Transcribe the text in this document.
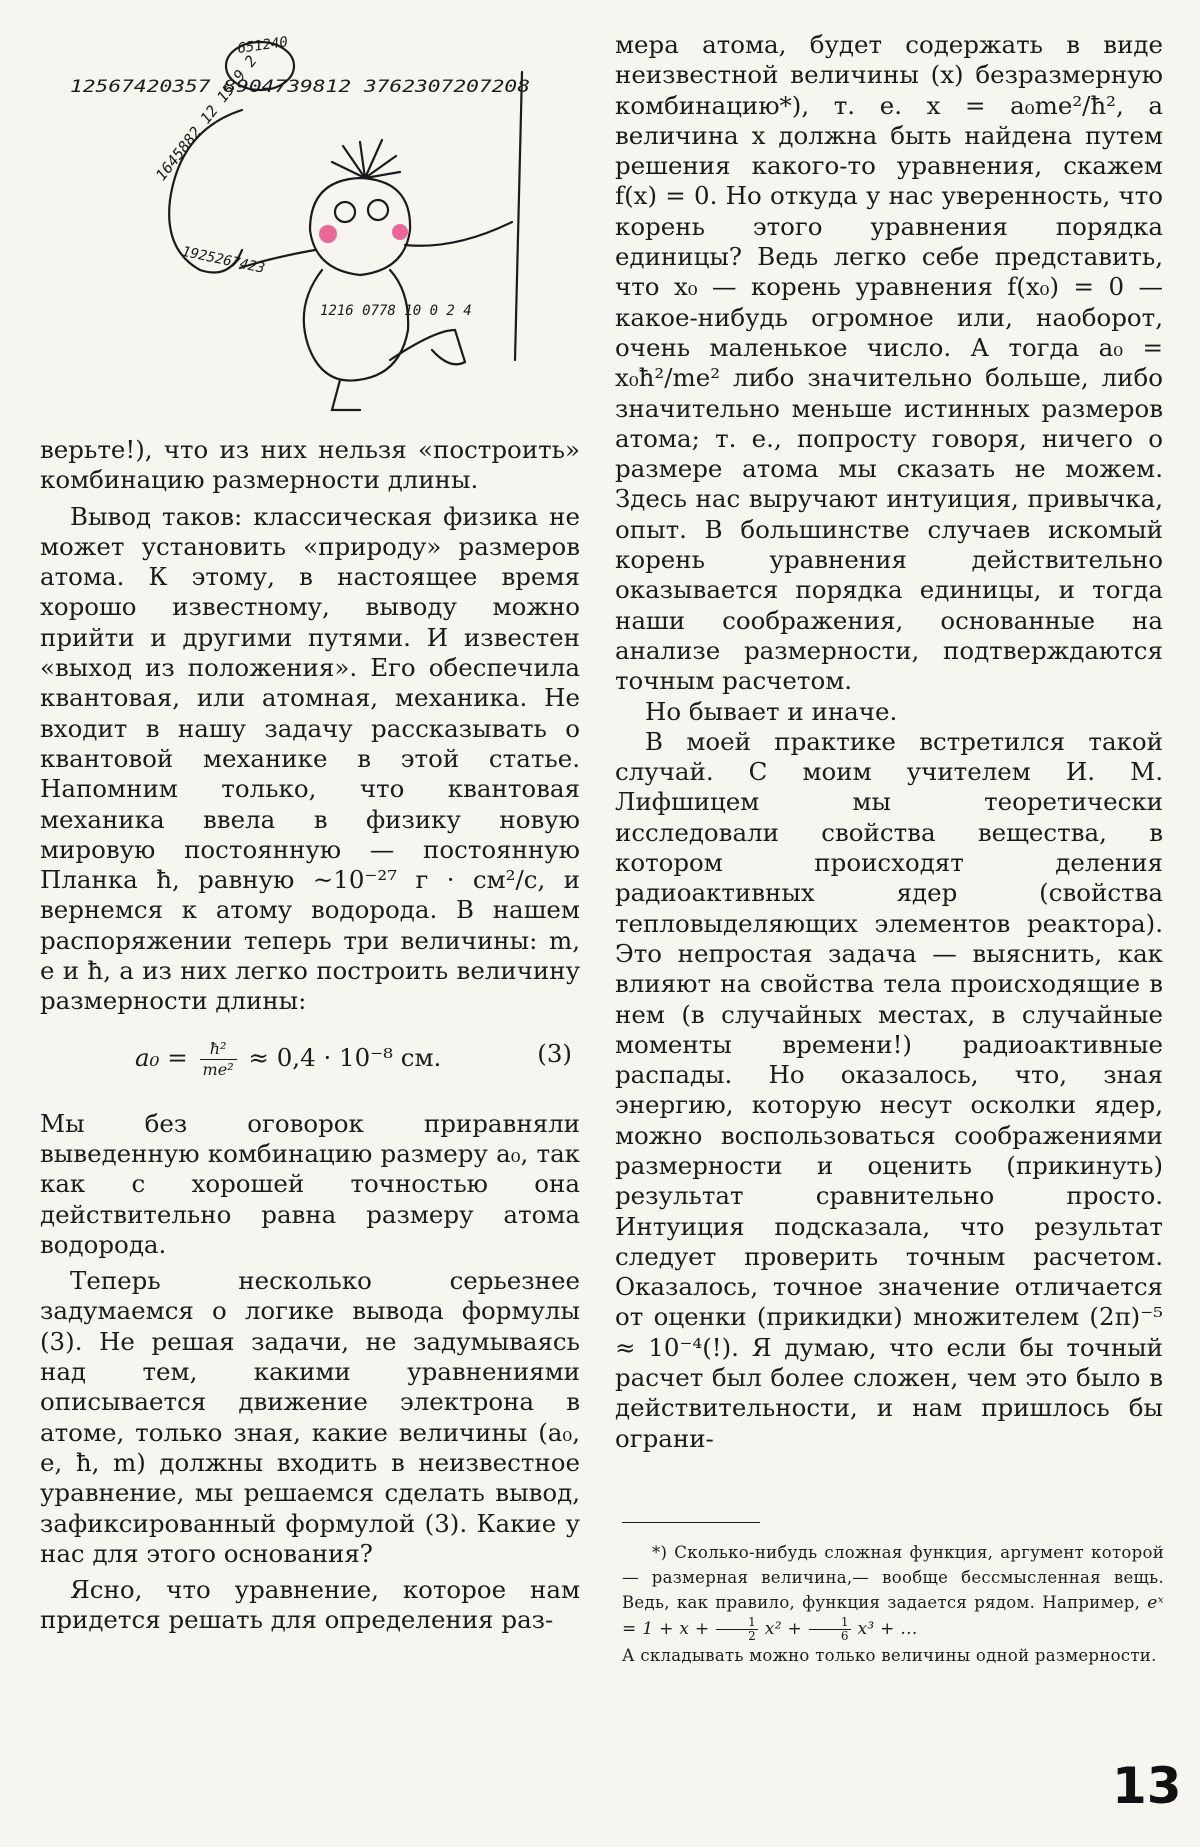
12567420357 8904739812 3762307207208
651240
1645882 12 15 9 2
1925267423
1216 0778 10 0 2 4

верьте!), что из них нельзя «построить» комбинацию размерности длины.

Вывод таков: классическая физика не может установить «природу» размеров атома. К этому, в настоящее время хорошо известному, выводу можно прийти и другими путями. И известен «выход из положения». Его обеспечила квантовая, или атомная, механика. Не входит в нашу задачу рассказывать о квантовой механике в этой статье. Напомним только, что квантовая механика ввела в физику новую мировую постоянную — постоянную Планка ħ, равную ~10⁻²⁷ г · см²/с, и вернемся к атому водорода. В нашем распоряжении теперь три величины: m, e и ħ, а из них легко построить величину размерности длины:

$a_0 = \frac{\text{ħ²}}{\text{me²}} \approx 0,4 \cdot 10^{-8}$ см.	(3)

Мы без оговорок приравняли выведенную комбинацию размеру a₀, так как с хорошей точностью она действительно равна размеру атома водорода.

Теперь несколько серьезнее задумаемся о логике вывода формулы (3). Не решая задачи, не задумываясь над тем, какими уравнениями описывается движение электрона в атоме, только зная, какие величины (a₀, e, ħ, m) должны входить в неизвестное уравнение, мы решаемся сделать вывод, зафиксированный формулой (3). Какие у нас для этого основания?

Ясно, что уравнение, которое нам придется решать для определения раз-

мера атома, будет содержать в виде неизвестной величины (x) безразмерную комбинацию*), т. е. x = a₀me²/ħ², а величина x должна быть найдена путем решения какого-то уравнения, скажем f(x) = 0. Но откуда у нас уверенность, что корень этого уравнения порядка единицы? Ведь легко себе представить, что x₀ — корень уравнения f(x₀) = 0 — какое-нибудь огромное или, наоборот, очень маленькое число. А тогда a₀ = x₀ħ²/me² либо значительно больше, либо значительно меньше истинных размеров атома; т. е., попросту говоря, ничего о размере атома мы сказать не можем. Здесь нас выручают интуиция, привычка, опыт. В большинстве случаев искомый корень уравнения действительно оказывается порядка единицы, и тогда наши соображения, основанные на анализе размерности, подтверждаются точным расчетом.

Но бывает и иначе.

В моей практике встретился такой случай. С моим учителем И. М. Лифшицем мы теоретически исследовали свойства вещества, в котором происходят деления радиоактивных ядер (свойства тепловыделяющих элементов реактора). Это непростая задача — выяснить, как влияют на свойства тела происходящие в нем (в случайных местах, в случайные моменты времени!) радиоактивные распады. Но оказалось, что, зная энергию, которую несут осколки ядер, можно воспользоваться соображениями размерности и оценить (прикинуть) результат сравнительно просто. Интуиция подсказала, что результат следует проверить точным расчетом. Оказалось, точное значение отличается от оценки (прикидки) множителем (2π)⁻⁵ ≈ 10⁻⁴(!). Я думаю, что если бы точный расчет был более сложен, чем это было в действительности, и нам пришлось бы ограни-

*) Сколько-нибудь сложная функция, аргумент которой — размерная величина,— вообще бессмысленная вещь. Ведь, как правило, функция задается рядом. Например, eˣ = $1 + x + \frac{1}{2} x^2 + \frac{1}{6} x^3$ + ...

А складывать можно только величины одной размерности.

13
